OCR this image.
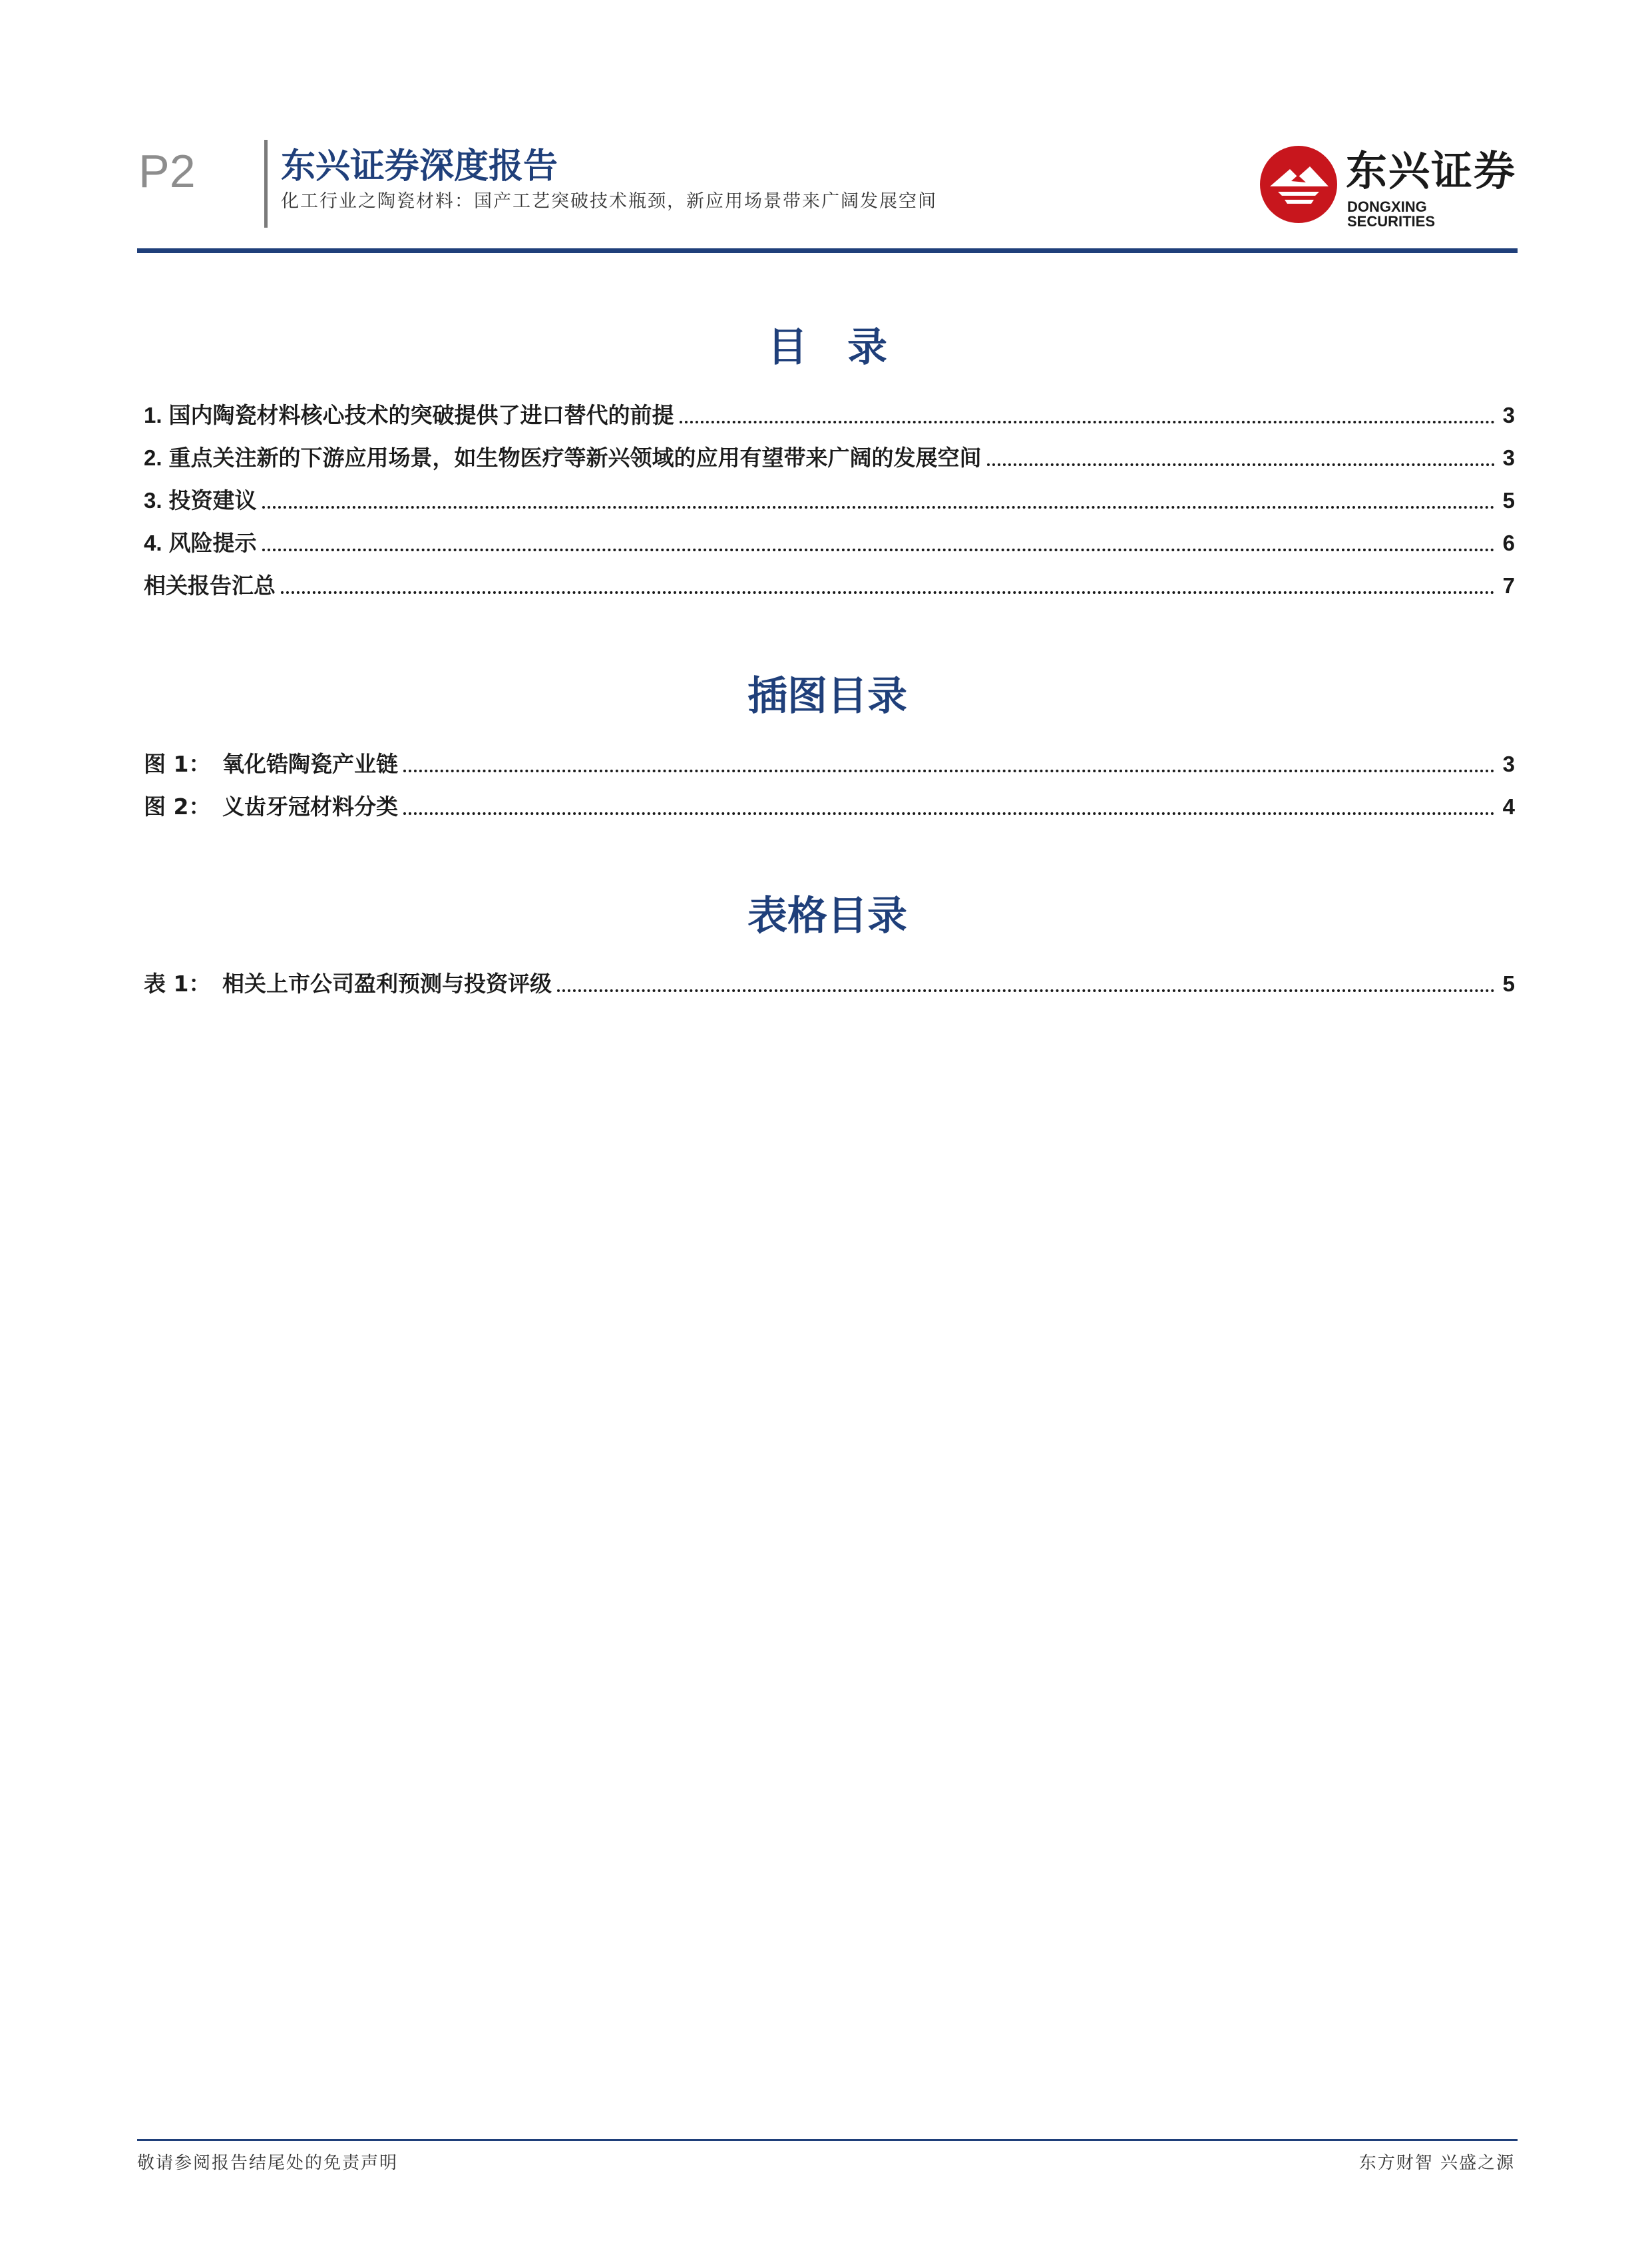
P2 东兴证券深度报告
化工行业之陶瓷材料：国产工艺突破技术瓶颈，新应用场景带来广阔发展空间
东兴证券
DONGXING SECURITIES
目　录
1. 国内陶瓷材料核心技术的突破提供了进口替代的前提	3
2. 重点关注新的下游应用场景，如生物医疗等新兴领域的应用有望带来广阔的发展空间	3
3. 投资建议	5
4. 风险提示	6
相关报告汇总	7
插图目录
图 1： 氧化锆陶瓷产业链	3
图 2： 义齿牙冠材料分类	4
表格目录
表 1： 相关上市公司盈利预测与投资评级	5
敬请参阅报告结尾处的免责声明	东方财智 兴盛之源
